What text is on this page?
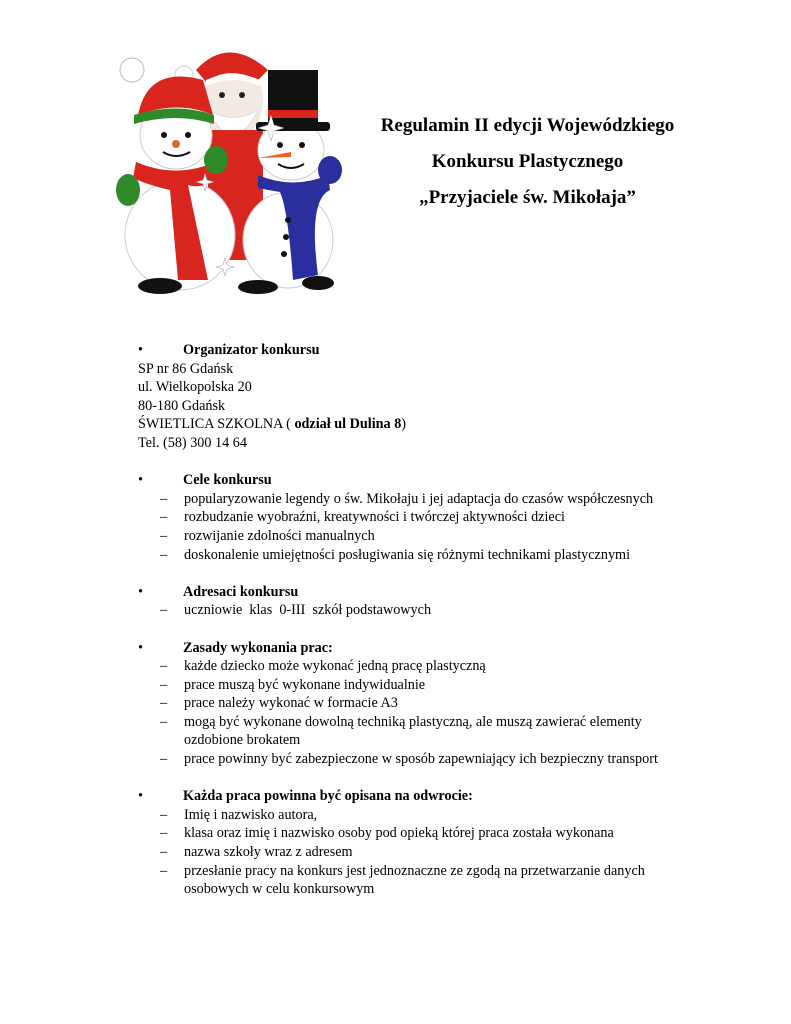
Regulamin II edycji Wojewódzkiego
Konkursu Plastycznego
„Przyjaciele św. Mikołaja”
•	Organizator konkursu
SP nr 86 Gdańsk
ul. Wielkopolska 20
80-180 Gdańsk
ŚWIETLICA SZKOLNA ( odział ul Dulina 8)
Tel. (58) 300 14 64
•	Cele konkursu
– popularyzowanie legendy o św. Mikołaju i jej adaptacja do czasów współczesnych
– rozbudzanie wyobraźni, kreatywności i twórczej aktywności dzieci
– rozwijanie zdolności manualnych
– doskonalenie umiejętności posługiwania się różnymi technikami plastycznymi
•	Adresaci konkursu
– uczniowie  klas  0-III  szkół podstawowych
•	Zasady wykonania prac:
– każde dziecko może wykonać jedną pracę plastyczną
– prace muszą być wykonane indywidualnie
– prace należy wykonać w formacie A3
– mogą być wykonane dowolną techniką plastyczną, ale muszą zawierać elementy ozdobione brokatem
– prace powinny być zabezpieczone w sposób zapewniający ich bezpieczny transport
•	Każda praca powinna być opisana na odwrocie:
– Imię i nazwisko autora,
– klasa oraz imię i nazwisko osoby pod opieką której praca została wykonana
– nazwa szkoły wraz z adresem
– przesłanie pracy na konkurs jest jednoznaczne ze zgodą na przetwarzanie danych osobowych w celu konkursowym
